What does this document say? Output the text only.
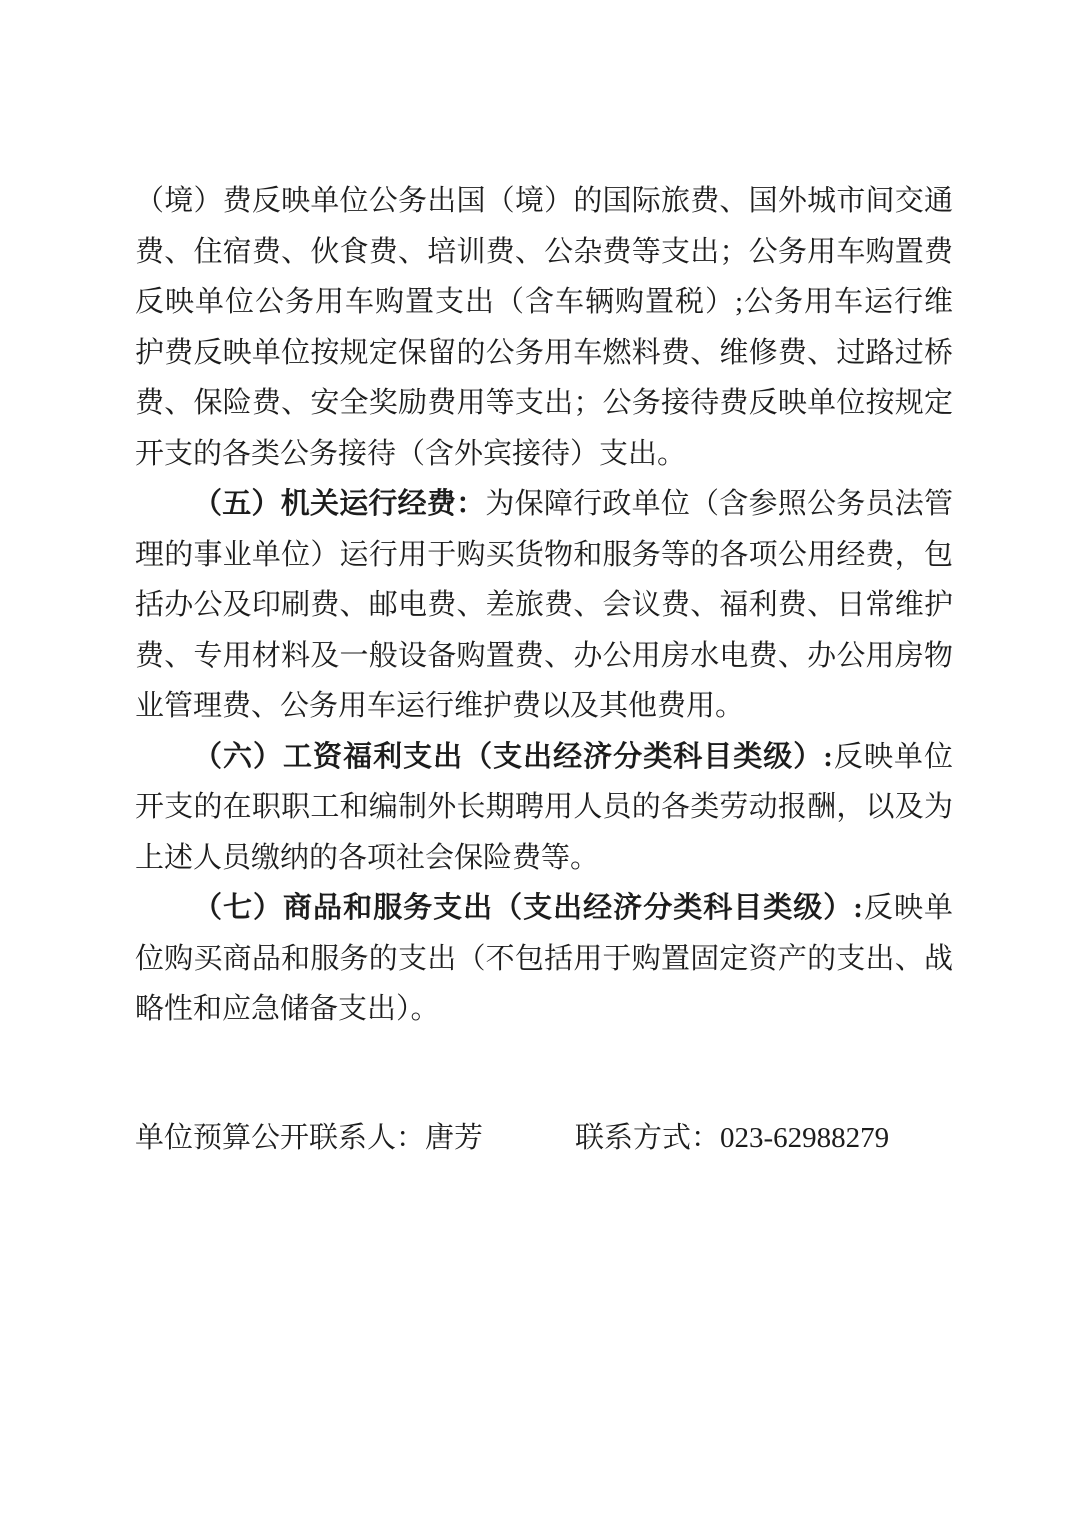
（境）费反映单位公务出国（境）的国际旅费、国外城市间交通费、住宿费、伙食费、培训费、公杂费等支出；公务用车购置费反映单位公务用车购置支出（含车辆购置税）;公务用车运行维护费反映单位按规定保留的公务用车燃料费、维修费、过路过桥费、保险费、安全奖励费用等支出；公务接待费反映单位按规定开支的各类公务接待（含外宾接待）支出。

（五）机关运行经费：为保障行政单位（含参照公务员法管理的事业单位）运行用于购买货物和服务等的各项公用经费，包括办公及印刷费、邮电费、差旅费、会议费、福利费、日常维护费、专用材料及一般设备购置费、办公用房水电费、办公用房物业管理费、公务用车运行维护费以及其他费用。

（六）工资福利支出（支出经济分类科目类级）:反映单位开支的在职职工和编制外长期聘用人员的各类劳动报酬，以及为上述人员缴纳的各项社会保险费等。

（七）商品和服务支出（支出经济分类科目类级）:反映单位购买商品和服务的支出（不包括用于购置固定资产的支出、战略性和应急储备支出）。

单位预算公开联系人：唐芳	联系方式：023-62988279
